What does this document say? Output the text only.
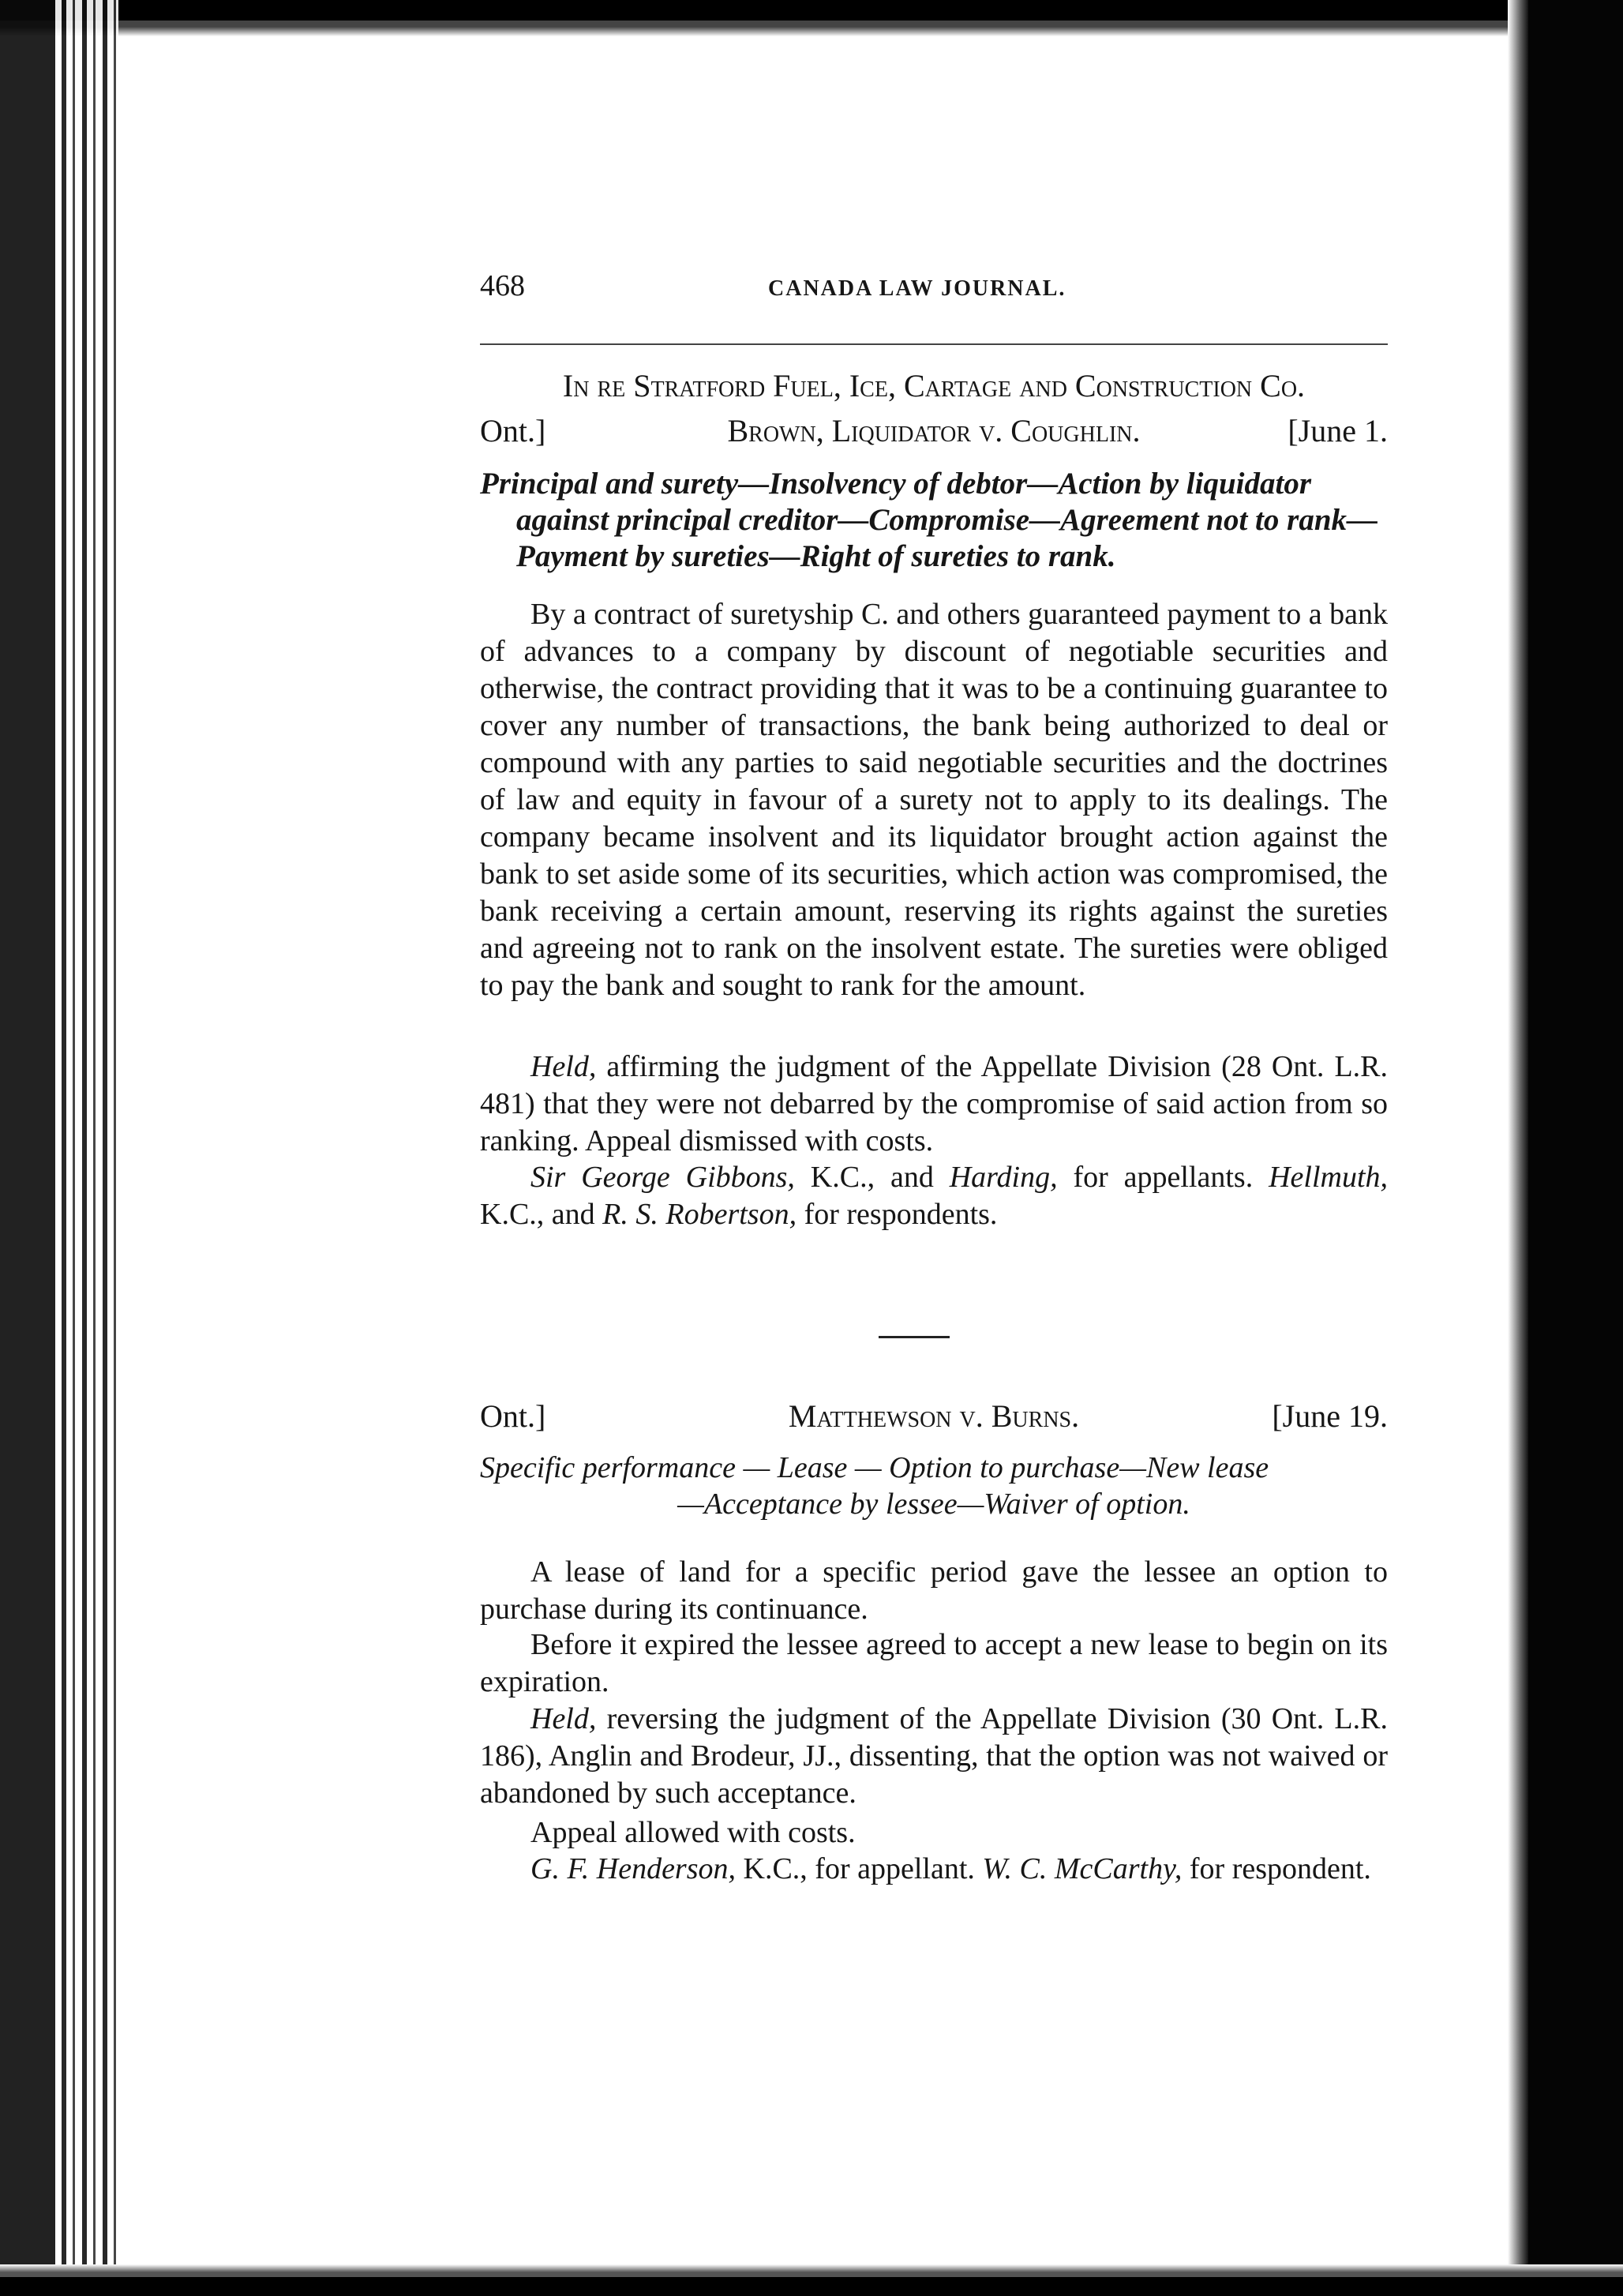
468	CANADA LAW JOURNAL.
In re Stratford Fuel, Ice, Cartage and Construction Co.
Ont.]	Brown, Liquidator v. Coughlin.	[June 1.
Principal and surety—Insolvency of debtor—Action by liquidator
against principal creditor—Compromise—Agreement not to rank—Payment by sureties—Right of sureties to rank.
By a contract of suretyship C. and others guaranteed payment to a bank of advances to a company by discount of negotiable securities and otherwise, the contract providing that it was to be a continuing guarantee to cover any number of transactions, the bank being authorized to deal or compound with any parties to said negotiable securities and the doctrines of law and equity in favour of a surety not to apply to its dealings. The company became insolvent and its liquidator brought action against the bank to set aside some of its securities, which action was compromised, the bank receiving a certain amount, reserving its rights against the sureties and agreeing not to rank on the insolvent estate. The sureties were obliged to pay the bank and sought to rank for the amount.
Held, affirming the judgment of the Appellate Division (28 Ont. L.R. 481) that they were not debarred by the compromise of said action from so ranking. Appeal dismissed with costs.
Sir George Gibbons, K.C., and Harding, for appellants. Hellmuth, K.C., and R. S. Robertson, for respondents.
Ont.]	Matthewson v. Burns.	[June 19.
Specific performance — Lease — Option to purchase—New lease
—Acceptance by lessee—Waiver of option.
A lease of land for a specific period gave the lessee an option to purchase during its continuance.
Before it expired the lessee agreed to accept a new lease to begin on its expiration.
Held, reversing the judgment of the Appellate Division (30 Ont. L.R. 186), Anglin and Brodeur, JJ., dissenting, that the option was not waived or abandoned by such acceptance.
Appeal allowed with costs.
G. F. Henderson, K.C., for appellant. W. C. McCarthy, for respondent.
